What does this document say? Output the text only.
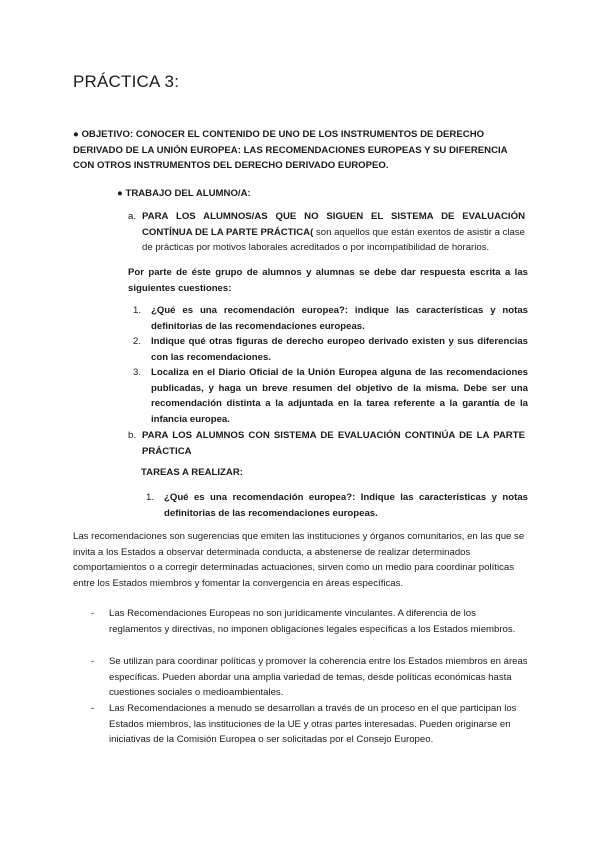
PRÁCTICA 3:
● OBJETIVO: CONOCER EL CONTENIDO DE UNO DE LOS INSTRUMENTOS DE DERECHO DERIVADO DE LA UNIÓN EUROPEA: LAS RECOMENDACIONES EUROPEAS Y SU DIFERENCIA CON OTROS INSTRUMENTOS DEL DERECHO DERIVADO EUROPEO.
● TRABAJO DEL ALUMNO/A:
a. PARA LOS ALUMNOS/AS QUE NO SIGUEN EL SISTEMA DE EVALUACIÓN CONTÍNUA DE LA PARTE PRÁCTICA( son aquellos que están exentos de asistir a clase de prácticas por motivos laborales acreditados o por incompatibilidad de horarios.
Por parte de éste grupo de alumnos y alumnas se debe dar respuesta escrita a las siguientes cuestiones:
1.	¿Qué es una recomendación europea?: indique las características y notas definitorias de las recomendaciones europeas.
2.	Indique qué otras figuras de derecho europeo derivado existen y sus diferencias con las recomendaciones.
3.	Localiza en el Diario Oficial de la Unión Europea alguna de las recomendaciones publicadas, y haga un breve resumen del objetivo de la misma. Debe ser una recomendación distinta a la adjuntada en la tarea referente a la garantía de la infancia europea.
b. PARA LOS ALUMNOS CON SISTEMA DE EVALUACIÓN CONTINÚA DE LA PARTE PRÁCTICA
TAREAS A REALIZAR:
1.	¿Qué es una recomendación europea?: Indique las características y notas definitorias de las recomendaciones europeas.
Las recomendaciones son sugerencias que emiten las instituciones y órganos comunitarios, en las que se invita a los Estados a observar determinada conducta, a abstenerse de realizar determinados comportamientos o a corregir determinadas actuaciones, sirven como un medio para coordinar políticas entre los Estados miembros y fomentar la convergencia en áreas específicas.
-	Las Recomendaciones Europeas no son jurídicamente vinculantes. A diferencia de los reglamentos y directivas, no imponen obligaciones legales específicas a los Estados miembros.
-	Se utilizan para coordinar políticas y promover la coherencia entre los Estados miembros en áreas específicas. Pueden abordar una amplia variedad de temas, desde políticas económicas hasta cuestiones sociales o medioambientales.
-	Las Recomendaciones a menudo se desarrollan a través de un proceso en el que participan los Estados miembros, las instituciones de la UE y otras partes interesadas. Pueden originarse en iniciativas de la Comisión Europea o ser solicitadas por el Consejo Europeo.
